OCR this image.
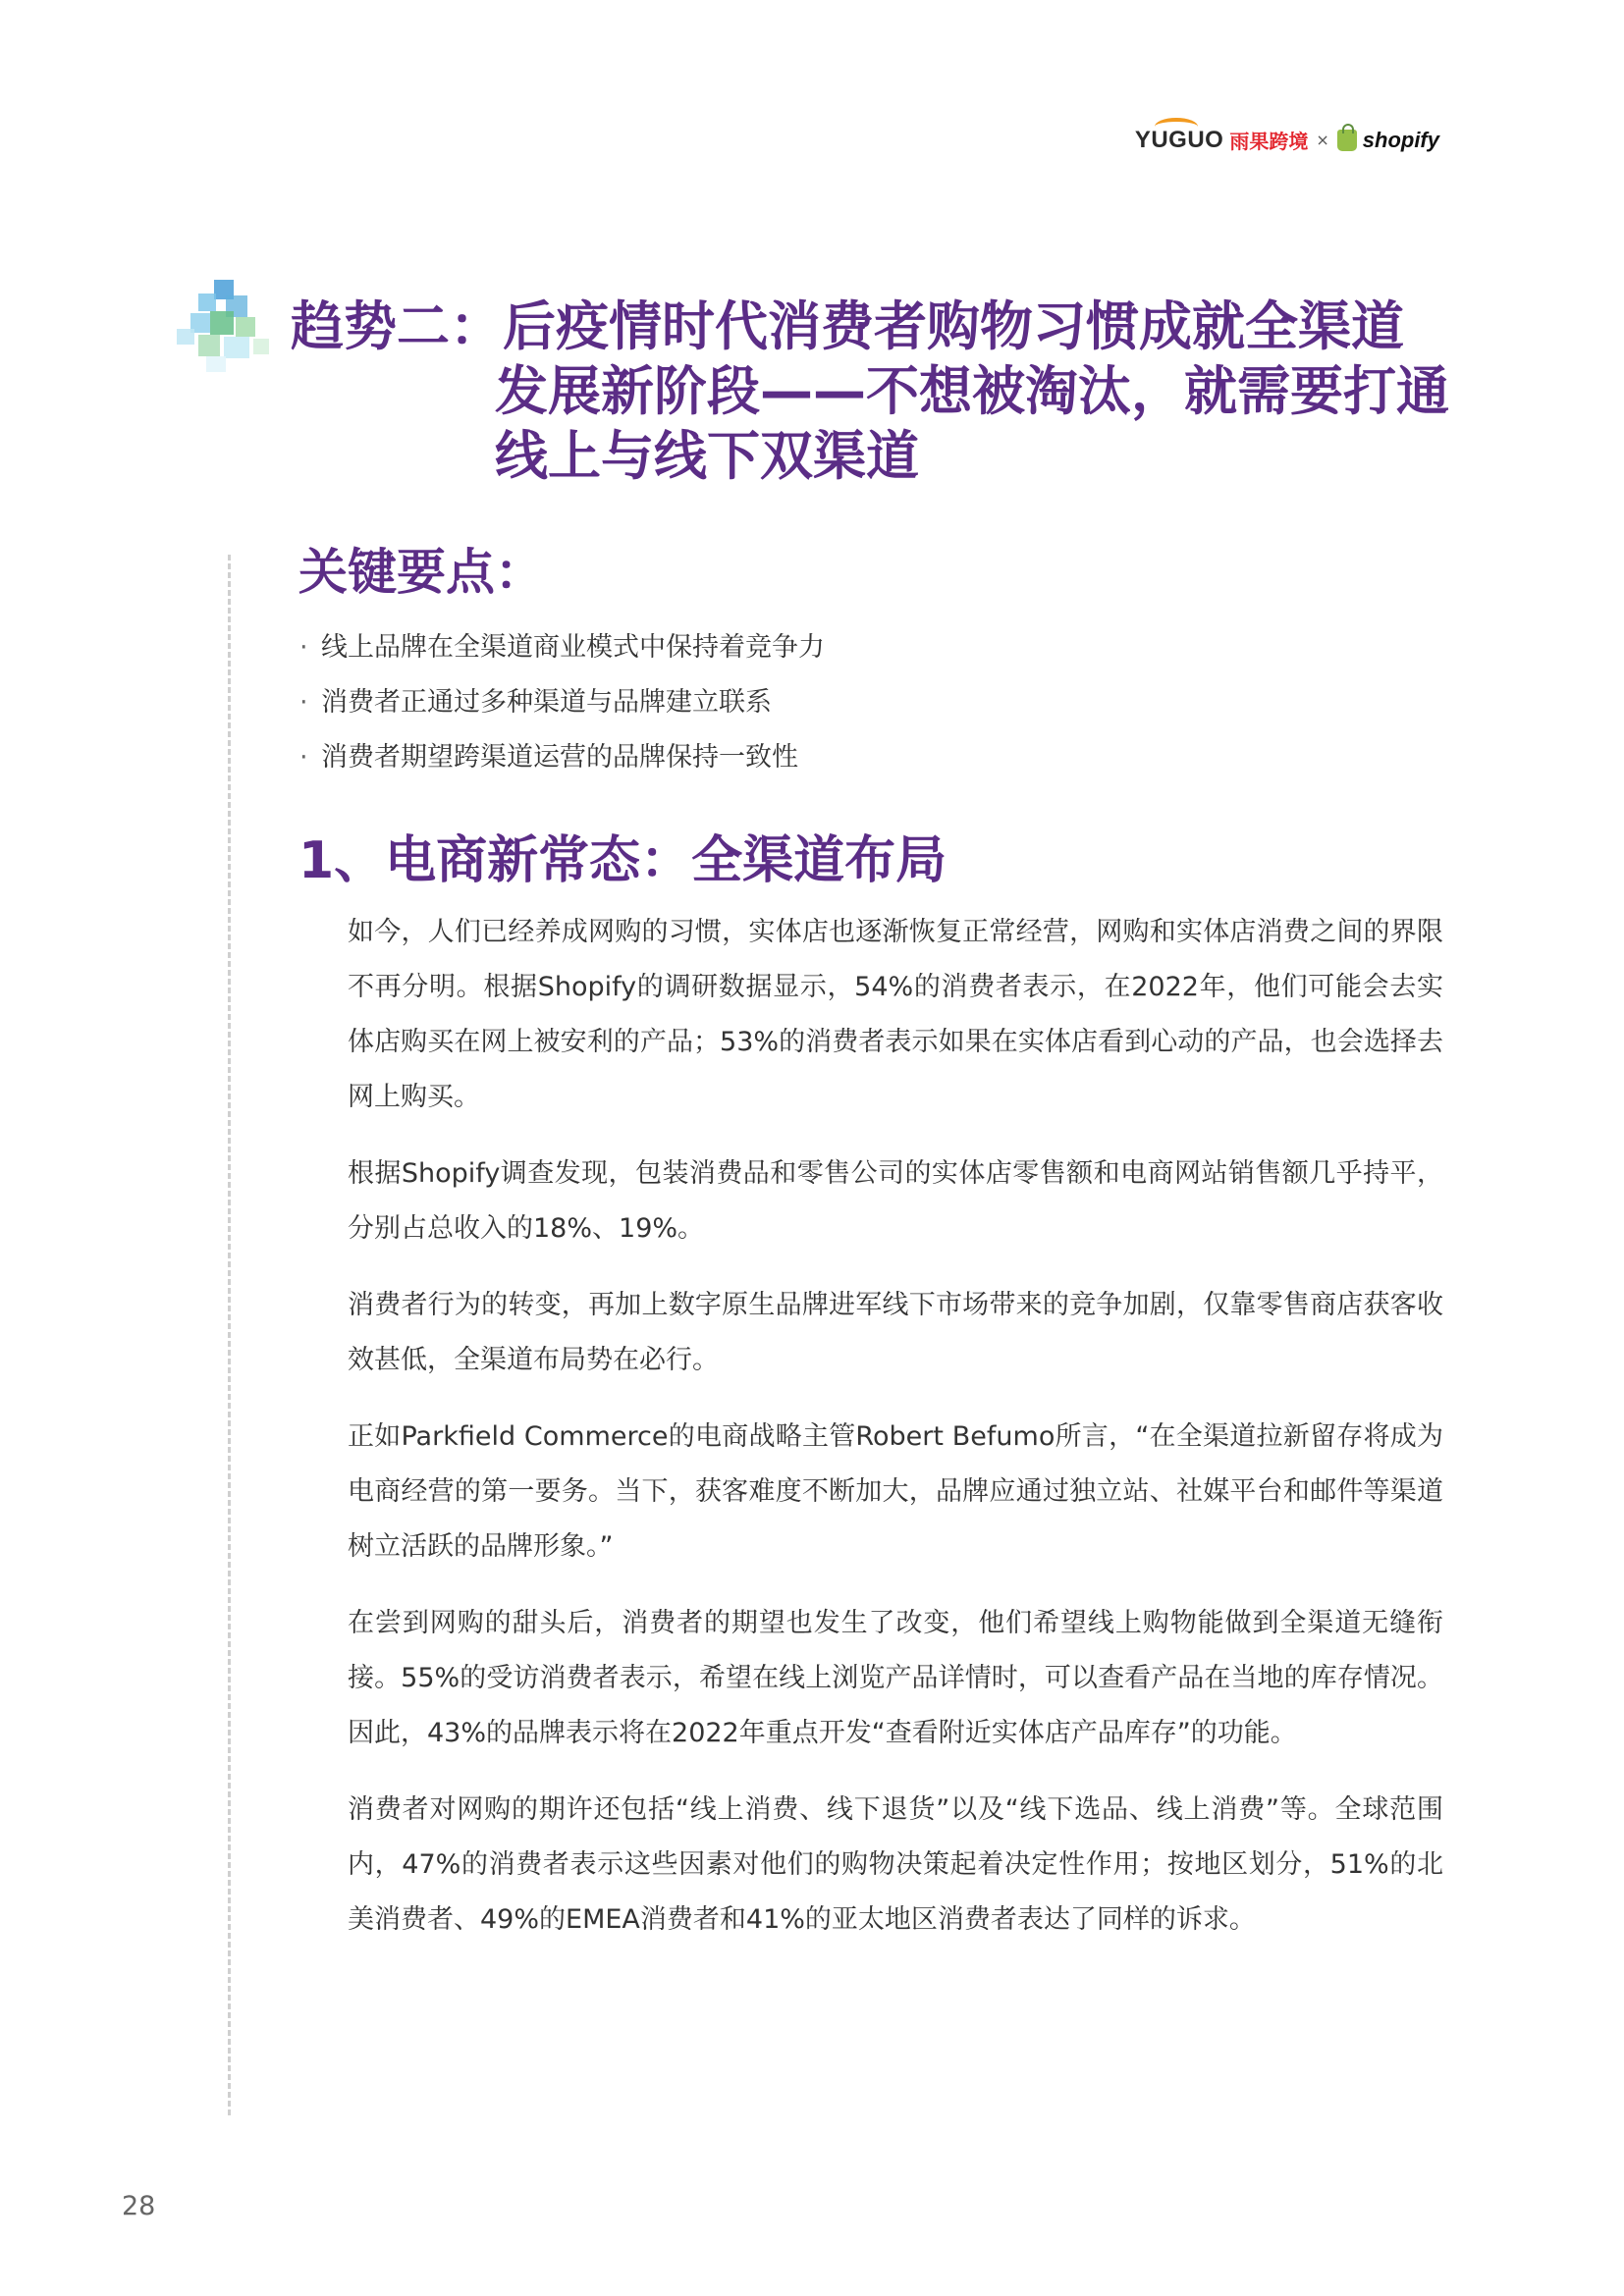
YUGUO 雨果跨境 × shopify
趋势二：后疫情时代消费者购物习惯成就全渠道
发展新阶段——不想被淘汰，就需要打通
线上与线下双渠道
关键要点：
· 线上品牌在全渠道商业模式中保持着竞争力
· 消费者正通过多种渠道与品牌建立联系
· 消费者期望跨渠道运营的品牌保持一致性
1、电商新常态：全渠道布局

如今，人们已经养成网购的习惯，实体店也逐渐恢复正常经营，网购和实体店消费之间的界限不再分明。根据Shopify的调研数据显示，54%的消费者表示，在2022年，他们可能会去实体店购买在网上被安利的产品；53%的消费者表示如果在实体店看到心动的产品，也会选择去网上购买。

根据Shopify调查发现，包装消费品和零售公司的实体店零售额和电商网站销售额几乎持平，分别占总收入的18%、19%。

消费者行为的转变，再加上数字原生品牌进军线下市场带来的竞争加剧，仅靠零售商店获客收效甚低，全渠道布局势在必行。

正如Parkfield Commerce的电商战略主管Robert Befumo所言，“在全渠道拉新留存将成为电商经营的第一要务。当下，获客难度不断加大，品牌应通过独立站、社媒平台和邮件等渠道树立活跃的品牌形象。”

在尝到网购的甜头后，消费者的期望也发生了改变，他们希望线上购物能做到全渠道无缝衔接。55%的受访消费者表示，希望在线上浏览产品详情时，可以查看产品在当地的库存情况。因此，43%的品牌表示将在2022年重点开发“查看附近实体店产品库存”的功能。

消费者对网购的期许还包括“线上消费、线下退货”以及“线下选品、线上消费”等。全球范围内，47%的消费者表示这些因素对他们的购物决策起着决定性作用；按地区划分，51%的北美消费者、49%的EMEA消费者和41%的亚太地区消费者表达了同样的诉求。

28
